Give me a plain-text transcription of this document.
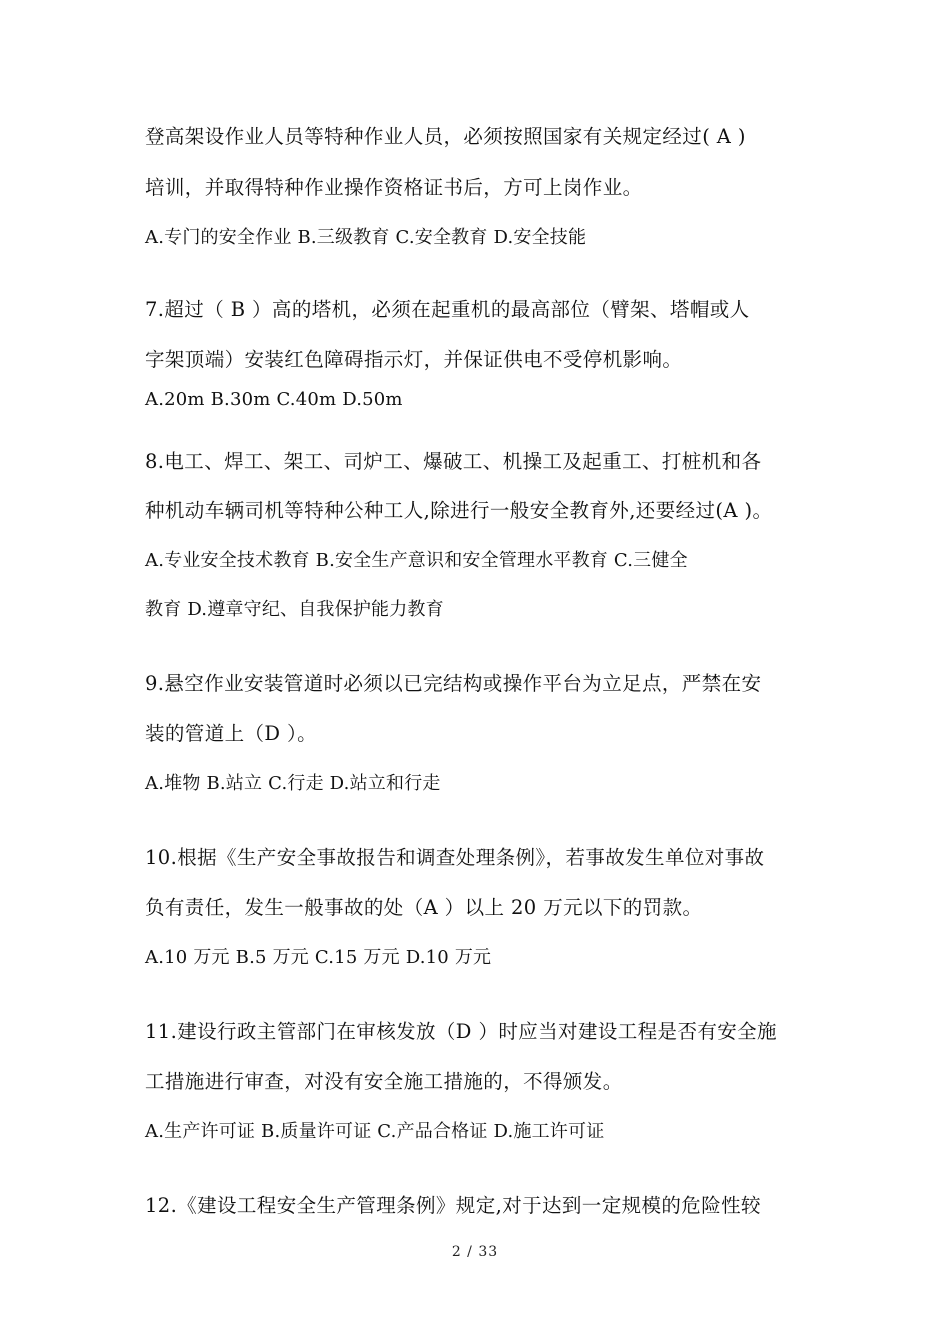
登高架设作业人员等特种作业人员，必须按照国家有关规定经过( A )
培训，并取得特种作业操作资格证书后，方可上岗作业。
A.专门的安全作业 B.三级教育 C.安全教育 D.安全技能
7.超过（ B ）高的塔机，必须在起重机的最高部位（臂架、塔帽或人
字架顶端）安装红色障碍指示灯，并保证供电不受停机影响。
A.20m B.30m C.40m D.50m
8.电工、焊工、架工、司炉工、爆破工、机操工及起重工、打桩机和各
种机动车辆司机等特种公种工人,除进行一般安全教育外,还要经过(A )。
A.专业安全技术教育 B.安全生产意识和安全管理水平教育 C.三健全
教育 D.遵章守纪、自我保护能力教育
9.悬空作业安装管道时必须以已完结构或操作平台为立足点，严禁在安
装的管道上（D ）。
A.堆物 B.站立 C.行走 D.站立和行走
10.根据《生产安全事故报告和调查处理条例》，若事故发生单位对事故
负有责任，发生一般事故的处（A ）以上 20 万元以下的罚款。
A.10 万元 B.5 万元 C.15 万元 D.10 万元
11.建设行政主管部门在审核发放（D ）时应当对建设工程是否有安全施
工措施进行审查，对没有安全施工措施的，不得颁发。
A.生产许可证 B.质量许可证 C.产品合格证 D.施工许可证
12.《建设工程安全生产管理条例》规定,对于达到一定规模的危险性较
2 / 33
